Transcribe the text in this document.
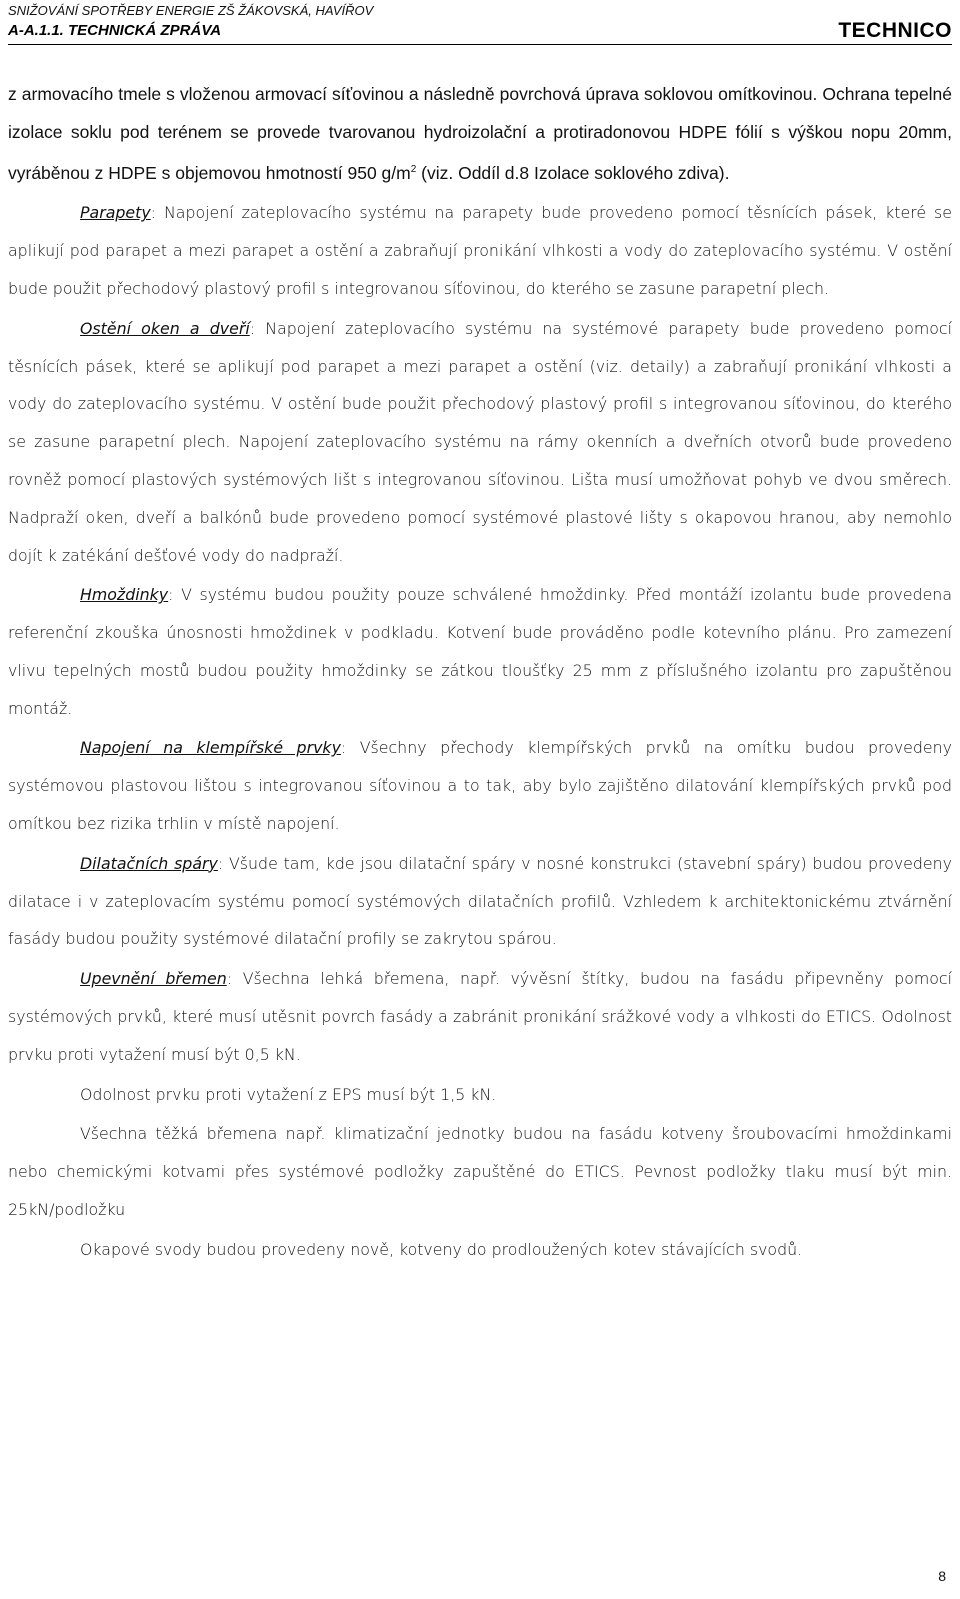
SNIŽOVÁNÍ SPOTŘEBY ENERGIE ZŠ ŽÁKOVSKÁ, HAVÍŘOV
A-A.1.1. TECHNICKÁ ZPRÁVA	TECHNICO

z armovacího tmele s vloženou armovací síťovinou a následně povrchová úprava soklovou omítkovinou. Ochrana tepelné izolace soklu pod terénem se provede tvarovanou hydroizolační a protiradonovou HDPE fólií s výškou nopu 20mm, vyráběnou z HDPE s objemovou hmotností 950 $g/m^2$ (viz. Oddíl d.8 Izolace soklového zdiva).

Parapety: Napojení zateplovacího systému na parapety bude provedeno pomocí těsnících pásek, které se aplikují pod parapet a mezi parapet a ostění a zabraňují pronikání vlhkosti a vody do zateplovacího systému. V ostění bude použit přechodový plastový profil s integrovanou síťovinou, do kterého se zasune parapetní plech.

Ostění oken a dveří: Napojení zateplovacího systému na systémové parapety bude provedeno pomocí těsnících pásek, které se aplikují pod parapet a mezi parapet a ostění (viz. detaily) a zabraňují pronikání vlhkosti a vody do zateplovacího systému. V ostění bude použit přechodový plastový profil s integrovanou síťovinou, do kterého se zasune parapetní plech. Napojení zateplovacího systému na rámy okenních a dveřních otvorů bude provedeno rovněž pomocí plastových systémových lišt s integrovanou síťovinou. Lišta musí umožňovat pohyb ve dvou směrech. Nadpraží oken, dveří a balkónů bude provedeno pomocí systémové plastové lišty s okapovou hranou, aby nemohlo dojít k zatékání dešťové vody do nadpraží.

Hmoždinky: V systému budou použity pouze schválené hmoždinky. Před montáží izolantu bude provedena referenční zkouška únosnosti hmoždinek v podkladu. Kotvení bude prováděno podle kotevního plánu. Pro zamezení vlivu tepelných mostů budou použity hmoždinky se zátkou tloušťky 25 mm z příslušného izolantu pro zapuštěnou montáž.

Napojení na klempířské prvky: Všechny přechody klempířských prvků na omítku budou provedeny systémovou plastovou lištou s integrovanou síťovinou a to tak, aby bylo zajištěno dilatování klempířských prvků pod omítkou bez rizika trhlin v místě napojení.

Dilatačních spáry: Všude tam, kde jsou dilatační spáry v nosné konstrukci (stavební spáry) budou provedeny dilatace i v zateplovacím systému pomocí systémových dilatačních profilů. Vzhledem k architektonickému ztvárnění fasády budou použity systémové dilatační profily se zakrytou spárou.

Upevnění břemen: Všechna lehká břemena, např. vývěsní štítky, budou na fasádu připevněny pomocí systémových prvků, které musí utěsnit povrch fasády a zabránit pronikání srážkové vody a vlhkosti do ETICS. Odolnost prvku proti vytažení musí být 0,5 kN.

Odolnost prvku proti vytažení z EPS musí být 1,5 kN.

Všechna těžká břemena např. klimatizační jednotky budou na fasádu kotveny šroubovacími hmoždinkami nebo chemickými kotvami přes systémové podložky zapuštěné do ETICS. Pevnost podložky tlaku musí být min. 25kN/podložku

Okapové svody budou provedeny nově, kotveny do prodloužených kotev stávajících svodů.

8
